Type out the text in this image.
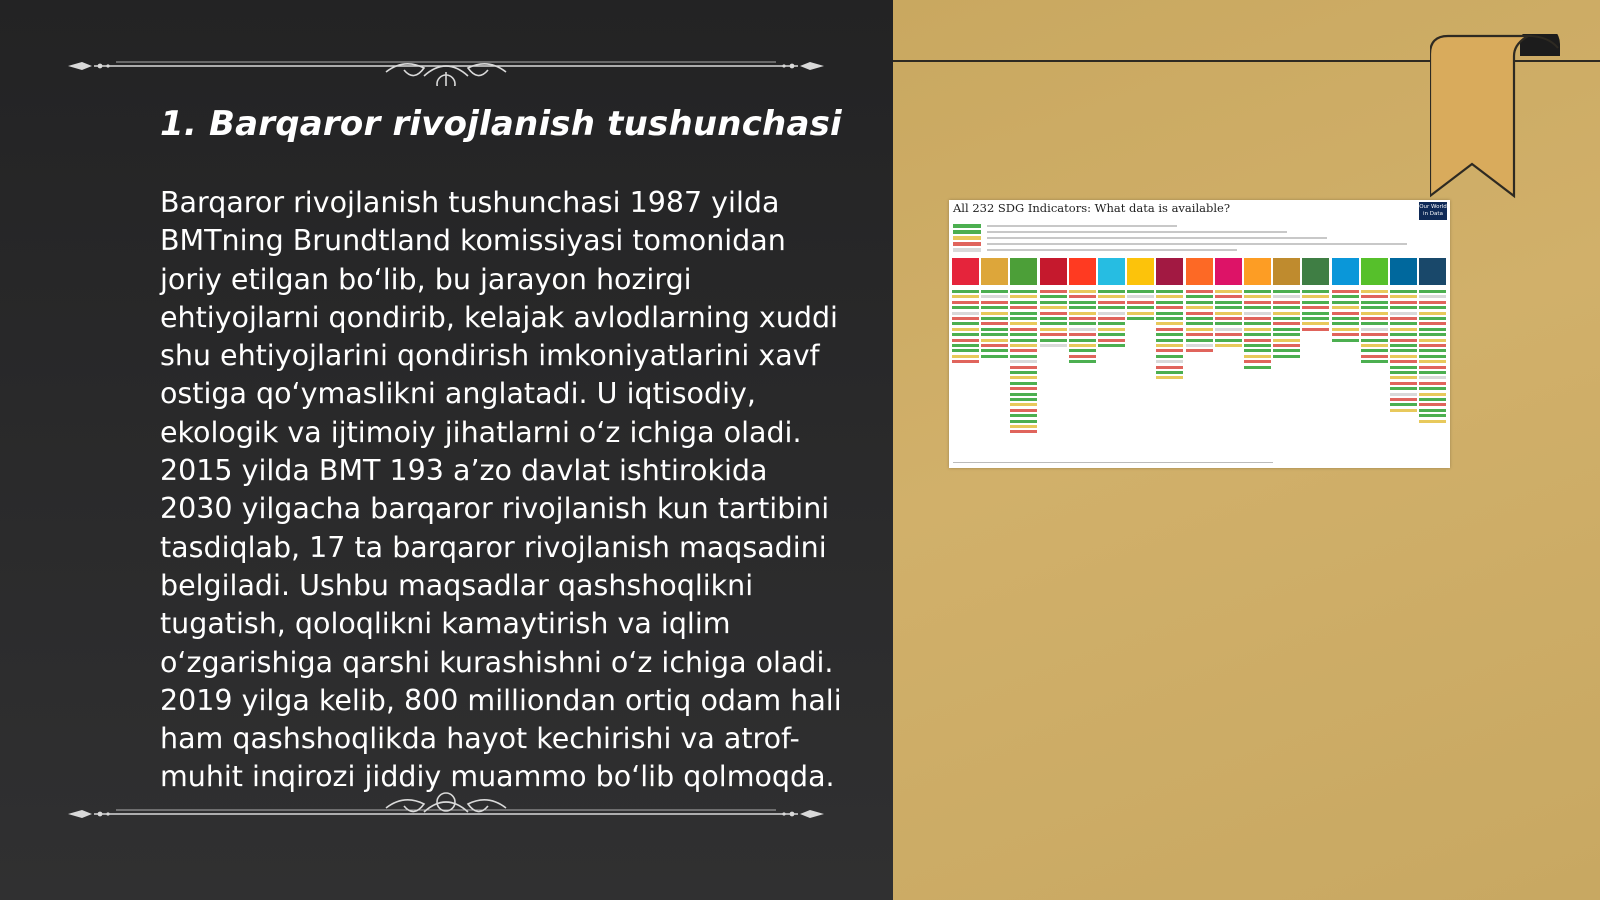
1. Barqaror rivojlanish tushunchasi

Barqaror rivojlanish tushunchasi 1987 yilda BMTning Brundtland komissiyasi tomonidan joriy etilgan bo‘lib, bu jarayon hozirgi ehtiyojlarni qondirib, kelajak avlodlarning xuddi shu ehtiyojlarini qondirish imkoniyatlarini xavf ostiga qo‘ymaslikni anglatadi. U iqtisodiy, ekologik va ijtimoiy jihatlarni o‘z ichiga oladi. 2015 yilda BMT 193 a’zo davlat ishtirokida 2030 yilgacha barqaror rivojlanish kun tartibini tasdiqlab, 17 ta barqaror rivojlanish maqsadini belgiladi. Ushbu maqsadlar qashshoqlikni tugatish, qoloqlikni kamaytirish va iqlim o‘zgarishiga qarshi kurashishni o‘z ichiga oladi. 2019 yilga kelib, 800 milliondan ortiq odam hali ham qashshoqlikda hayot kechirishi va atrof-muhit inqirozi jiddiy muammo bo‘lib qolmoqda.

All 232 SDG Indicators: What data is available?	Our World in Data
